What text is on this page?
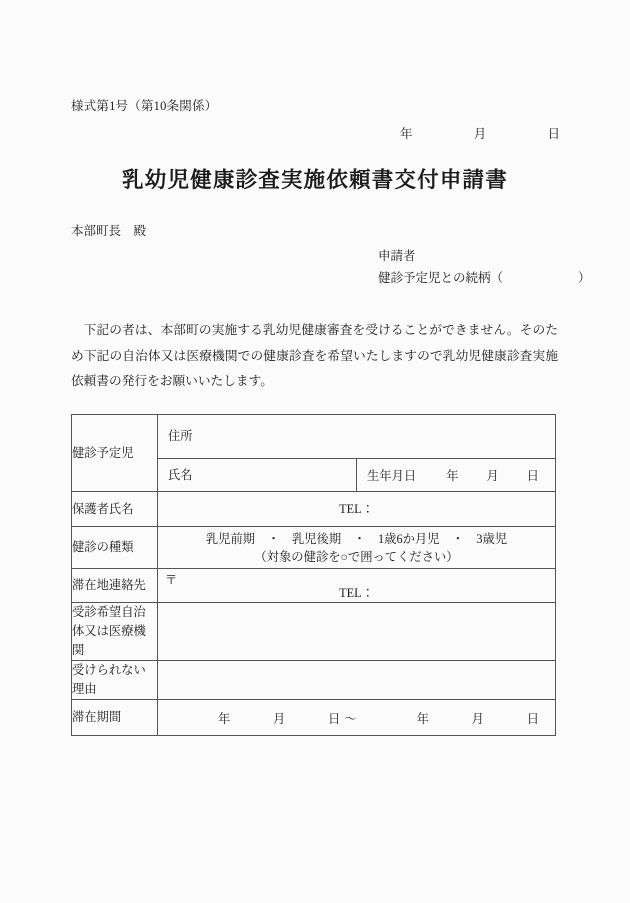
様式第1号（第10条関係）
年	月	日
乳幼児健康診査実施依頼書交付申請書
本部町長　殿
申請者
健診予定児との続柄（　　　　　　）

下記の者は、本部町の実施する乳幼児健康審査を受けることができません。そのため下記の自治体又は医療機関での健康診査を希望いたしますので乳幼児健康診査実施依頼書の発行をお願いいたします。

健診予定児	住所	

	氏名	生年月日 年 月 日

保護者氏名	TEL：	

健診の種類	乳児前期　・　乳児後期　・　1歳6か月児　・　3歳児
（対象の健診を○で囲ってください）	

滞在地連絡先	〒
TEL：	

受診希望自治体又は医療機関		

受けられない理由		

滞在期間	年	月	日 〜	年	月	日
